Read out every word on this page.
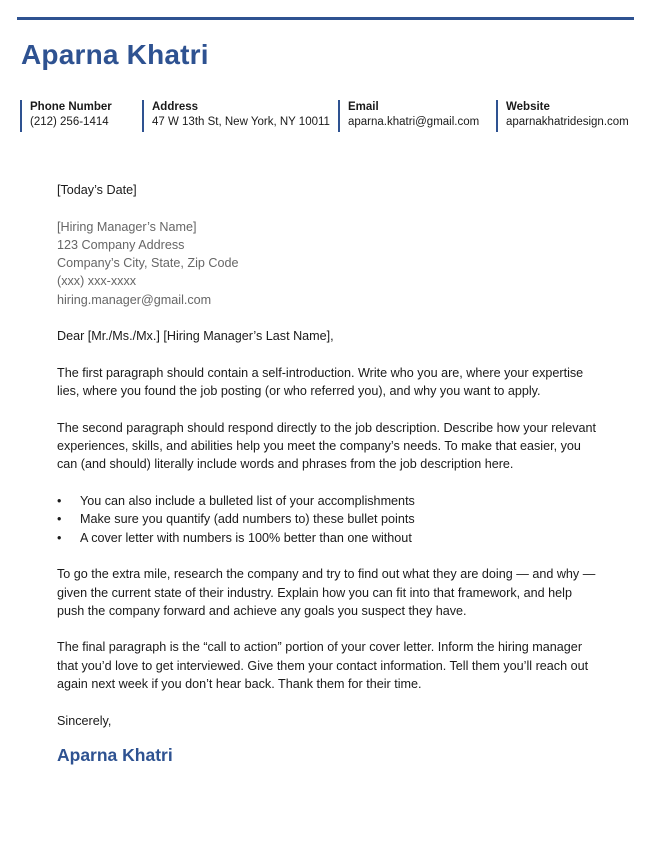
Aparna Khatri
Phone Number
(212) 256-1414
Address
47 W 13th St, New York, NY 10011
Email
aparna.khatri@gmail.com
Website
aparnakhatridesign.com

[Today’s Date]

[Hiring Manager’s Name]
123 Company Address
Company’s City, State, Zip Code
(xxx) xxx-xxxx
hiring.manager@gmail.com

Dear [Mr./Ms./Mx.] [Hiring Manager’s Last Name],

The first paragraph should contain a self-introduction. Write who you are, where your expertise lies, where you found the job posting (or who referred you), and why you want to apply.

The second paragraph should respond directly to the job description. Describe how your relevant experiences, skills, and abilities help you meet the company’s needs. To make that easier, you can (and should) literally include words and phrases from the job description here.

• You can also include a bulleted list of your accomplishments
• Make sure you quantify (add numbers to) these bullet points
• A cover letter with numbers is 100% better than one without

To go the extra mile, research the company and try to find out what they are doing — and why — given the current state of their industry. Explain how you can fit into that framework, and help push the company forward and achieve any goals you suspect they have.

The final paragraph is the “call to action” portion of your cover letter. Inform the hiring manager that you’d love to get interviewed. Give them your contact information. Tell them you’ll reach out again next week if you don’t hear back. Thank them for their time.

Sincerely,

Aparna Khatri
